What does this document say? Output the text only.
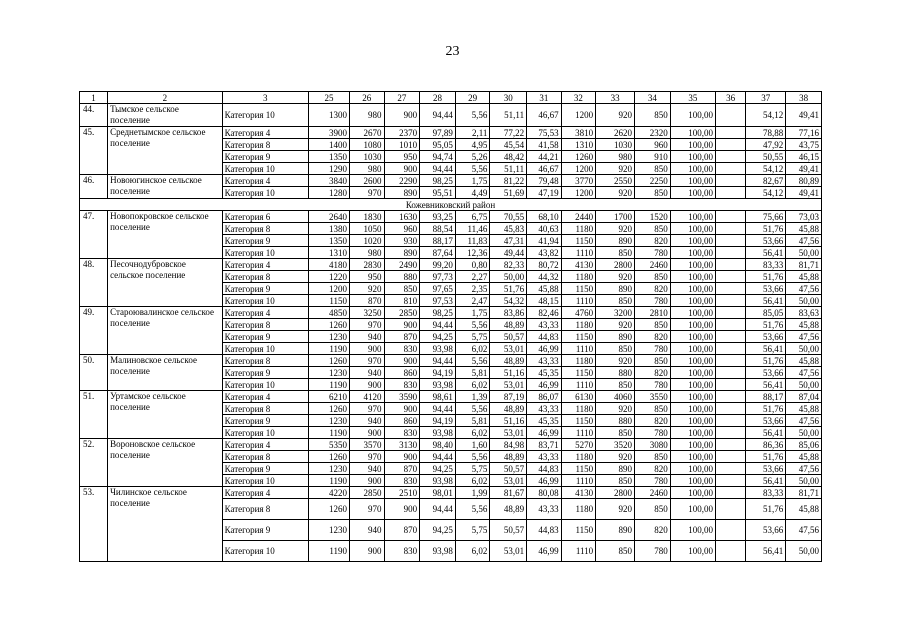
23
1	2	3	25	26	27	28	29	30	31	32	33	34	35	36	37	38
44.	Тымское сельское поселение	Категория 10	1300	980	900	94,44	5,56	51,11	46,67	1200	920	850	100,00		54,12	49,41
45.	Среднетымское сельское поселение	Категория 4	3900	2670	2370	97,89	2,11	77,22	75,53	3810	2620	2320	100,00		78,88	77,16
		Категория 8	1400	1080	1010	95,05	4,95	45,54	41,58	1310	1030	960	100,00		47,92	43,75
		Категория 9	1350	1030	950	94,74	5,26	48,42	44,21	1260	980	910	100,00		50,55	46,15
		Категория 10	1290	980	900	94,44	5,56	51,11	46,67	1200	920	850	100,00		54,12	49,41
46.	Новоюгинское сельское поселение	Категория 4	3840	2600	2290	98,25	1,75	81,22	79,48	3770	2550	2250	100,00		82,67	80,89
		Категория 10	1280	970	890	95,51	4,49	51,69	47,19	1200	920	850	100,00		54,12	49,41
Кожевниковский район																
47.	Новопокровское сельское поселение	Категория 6	2640	1830	1630	93,25	6,75	70,55	68,10	2440	1700	1520	100,00		75,66	73,03
		Категория 8	1380	1050	960	88,54	11,46	45,83	40,63	1180	920	850	100,00		51,76	45,88
		Категория 9	1350	1020	930	88,17	11,83	47,31	41,94	1150	890	820	100,00		53,66	47,56
		Категория 10	1310	980	890	87,64	12,36	49,44	43,82	1110	850	780	100,00		56,41	50,00
48.	Песочнодубровское сельское поселение	Категория 4	4180	2830	2490	99,20	0,80	82,33	80,72	4130	2800	2460	100,00		83,33	81,71
		Категория 8	1220	950	880	97,73	2,27	50,00	44,32	1180	920	850	100,00		51,76	45,88
		Категория 9	1200	920	850	97,65	2,35	51,76	45,88	1150	890	820	100,00		53,66	47,56
		Категория 10	1150	870	810	97,53	2,47	54,32	48,15	1110	850	780	100,00		56,41	50,00
49.	Староювалинское сельское поселение	Категория 4	4850	3250	2850	98,25	1,75	83,86	82,46	4760	3200	2810	100,00		85,05	83,63
		Категория 8	1260	970	900	94,44	5,56	48,89	43,33	1180	920	850	100,00		51,76	45,88
		Категория 9	1230	940	870	94,25	5,75	50,57	44,83	1150	890	820	100,00		53,66	47,56
		Категория 10	1190	900	830	93,98	6,02	53,01	46,99	1110	850	780	100,00		56,41	50,00
50.	Малиновское сельское поселение	Категория 8	1260	970	900	94,44	5,56	48,89	43,33	1180	920	850	100,00		51,76	45,88
		Категория 9	1230	940	860	94,19	5,81	51,16	45,35	1150	880	820	100,00		53,66	47,56
		Категория 10	1190	900	830	93,98	6,02	53,01	46,99	1110	850	780	100,00		56,41	50,00
51.	Уртамское сельское поселение	Категория 4	6210	4120	3590	98,61	1,39	87,19	86,07	6130	4060	3550	100,00		88,17	87,04
		Категория 8	1260	970	900	94,44	5,56	48,89	43,33	1180	920	850	100,00		51,76	45,88
		Категория 9	1230	940	860	94,19	5,81	51,16	45,35	1150	880	820	100,00		53,66	47,56
		Категория 10	1190	900	830	93,98	6,02	53,01	46,99	1110	850	780	100,00		56,41	50,00
52.	Вороновское сельское поселение	Категория 4	5350	3570	3130	98,40	1,60	84,98	83,71	5270	3520	3080	100,00		86,36	85,06
		Категория 8	1260	970	900	94,44	5,56	48,89	43,33	1180	920	850	100,00		51,76	45,88
		Категория 9	1230	940	870	94,25	5,75	50,57	44,83	1150	890	820	100,00		53,66	47,56
		Категория 10	1190	900	830	93,98	6,02	53,01	46,99	1110	850	780	100,00		56,41	50,00
53.	Чилинское сельское поселение	Категория 4	4220	2850	2510	98,01	1,99	81,67	80,08	4130	2800	2460	100,00		83,33	81,71
		Категория 8	1260	970	900	94,44	5,56	48,89	43,33	1180	920	850	100,00		51,76	45,88
		Категория 9	1230	940	870	94,25	5,75	50,57	44,83	1150	890	820	100,00		53,66	47,56
		Категория 10	1190	900	830	93,98	6,02	53,01	46,99	1110	850	780	100,00		56,41	50,00
